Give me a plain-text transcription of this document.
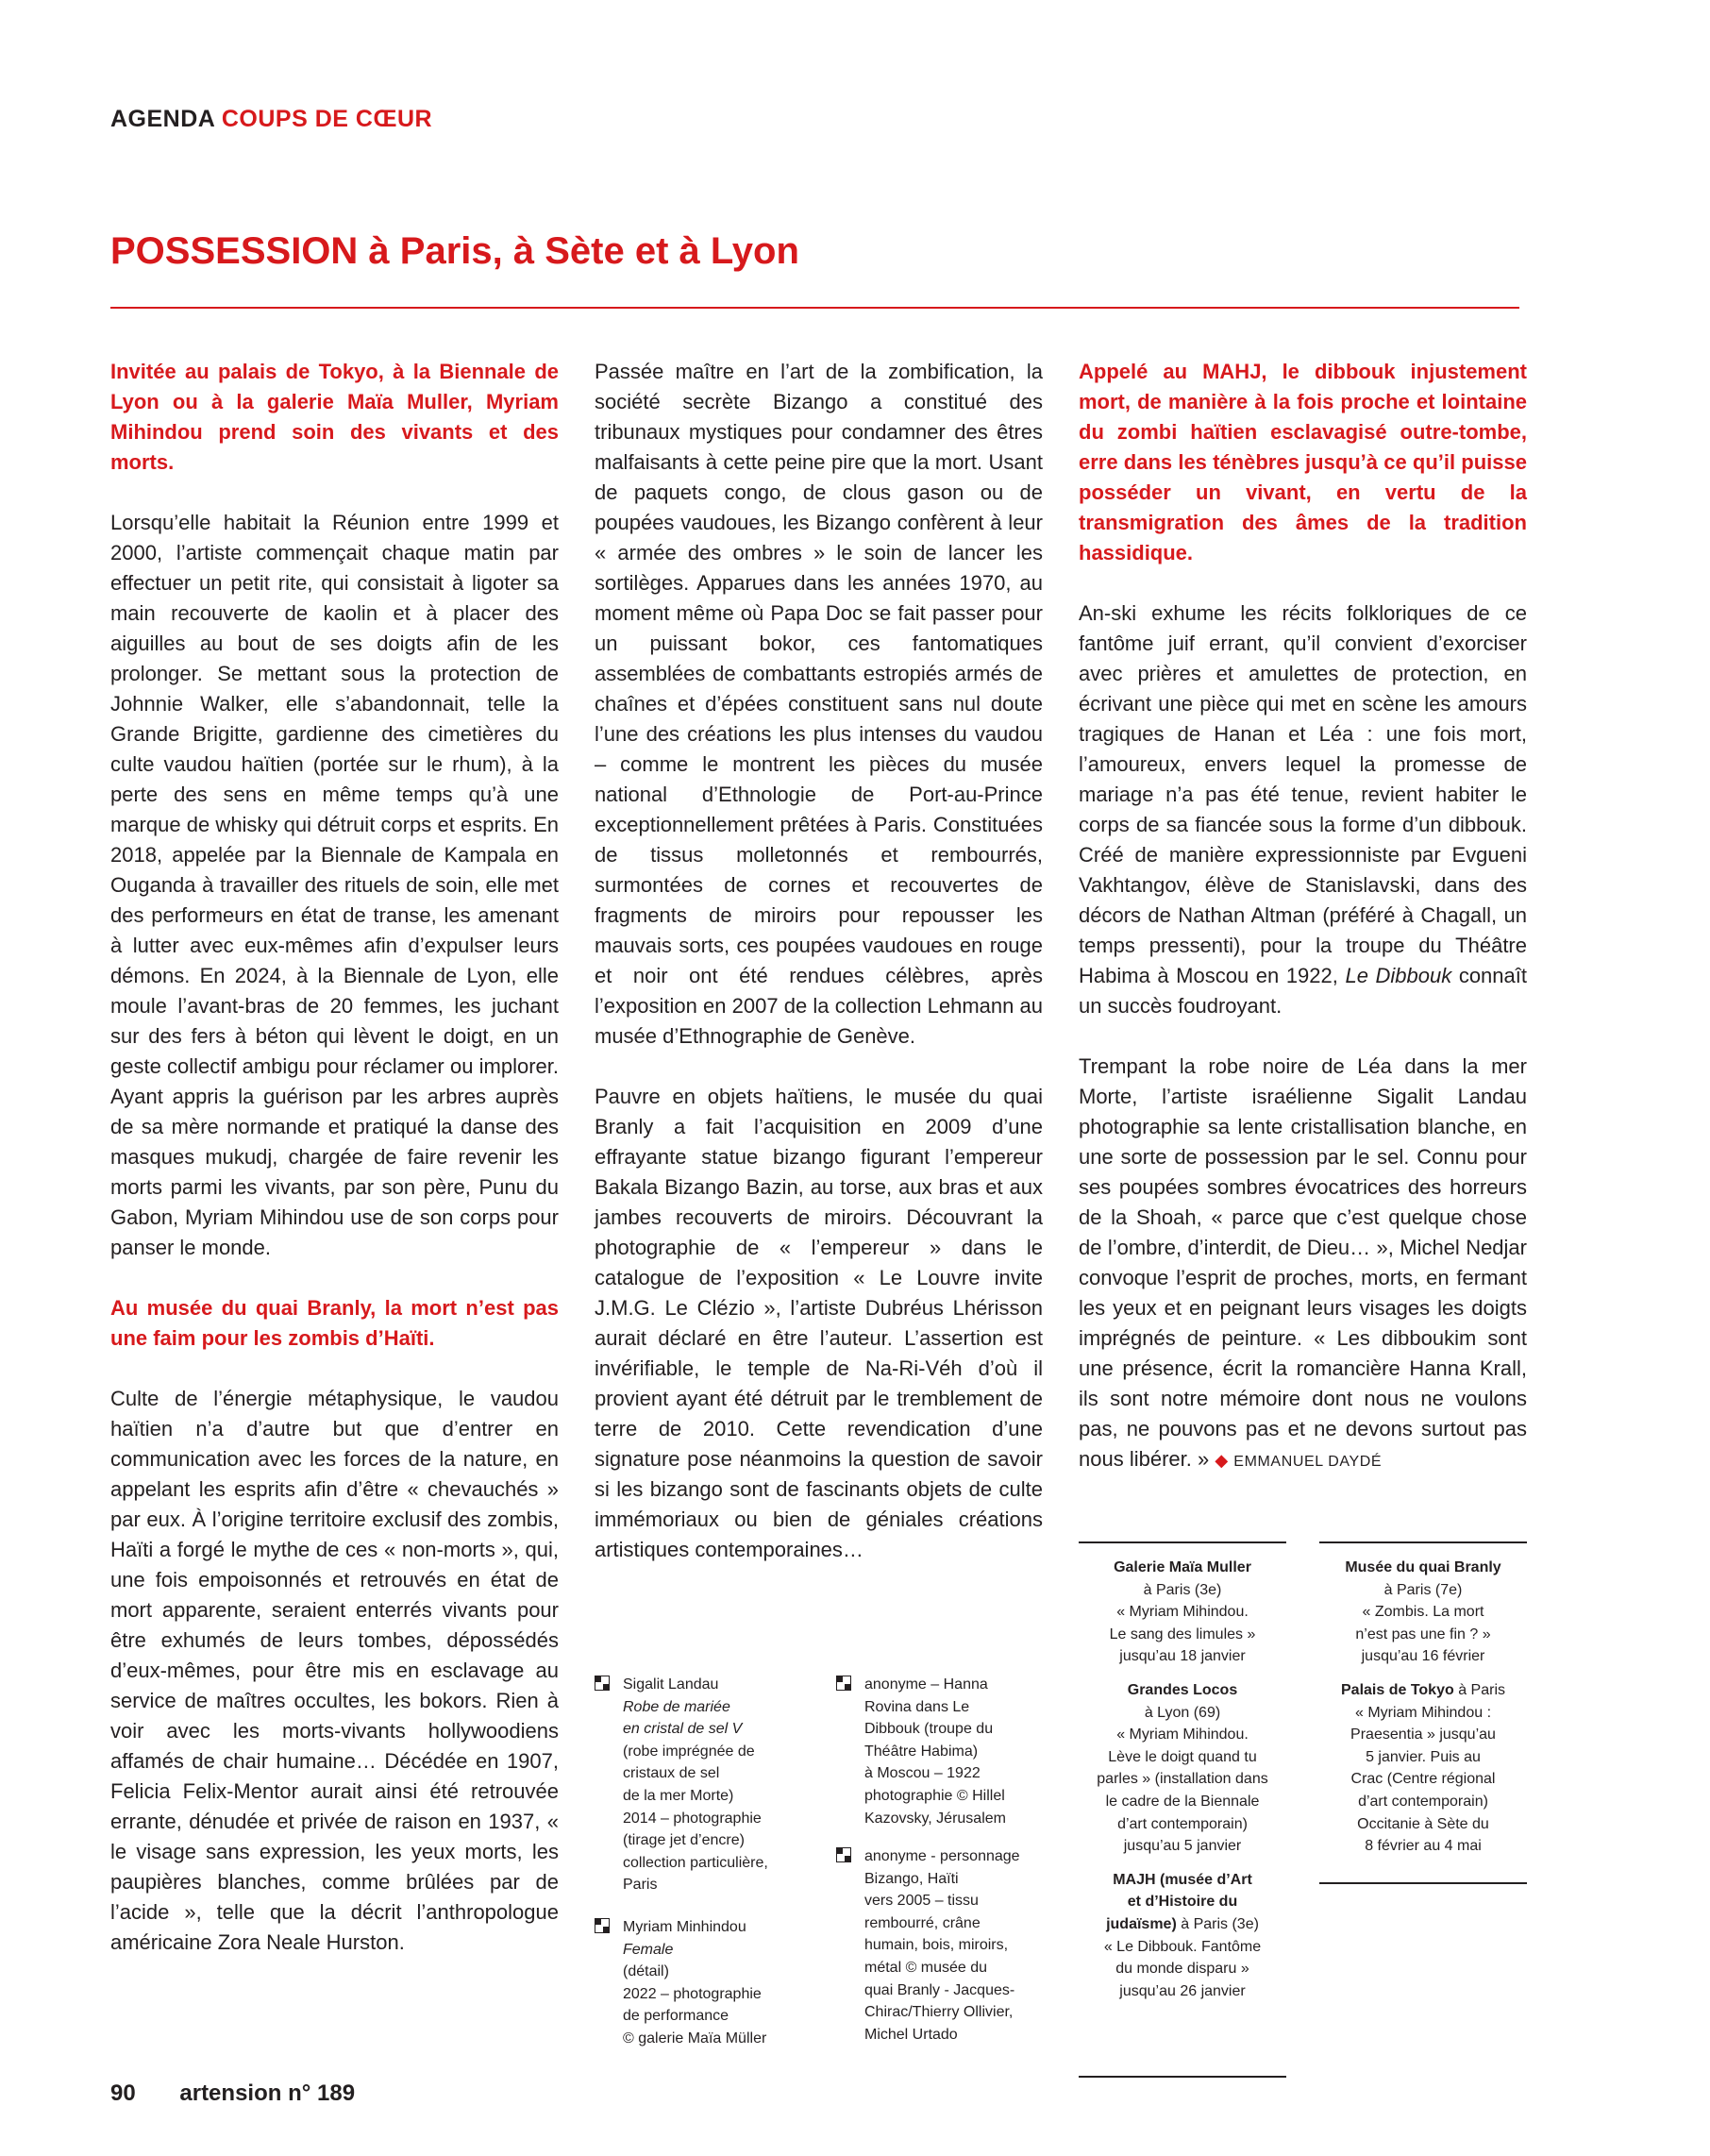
AGENDA COUPS DE CŒUR
POSSESSION à Paris, à Sète et à Lyon

Invitée au palais de Tokyo, à la Biennale de Lyon ou à la galerie Maïa Muller, Myriam Mihindou prend soin des vivants et des morts.

Lorsqu’elle habitait la Réunion entre 1999 et 2000, l’artiste commençait chaque matin par effectuer un petit rite, qui consistait à ligoter sa main recouverte de kaolin et à placer des aiguilles au bout de ses doigts afin de les prolonger. Se mettant sous la protection de Johnnie Walker, elle s’abandonnait, telle la Grande Brigitte, gardienne des cimetières du culte vaudou haïtien (portée sur le rhum), à la perte des sens en même temps qu’à une marque de whisky qui détruit corps et esprits. En 2018, appelée par la Biennale de Kampala en Ouganda à travailler des rituels de soin, elle met des performeurs en état de transe, les amenant à lutter avec eux-mêmes afin d’expulser leurs démons. En 2024, à la Biennale de Lyon, elle moule l’avant-bras de 20 femmes, les juchant sur des fers à béton qui lèvent le doigt, en un geste collectif ambigu pour réclamer ou implorer. Ayant appris la guérison par les arbres auprès de sa mère normande et pratiqué la danse des masques mukudj, chargée de faire revenir les morts parmi les vivants, par son père, Punu du Gabon, Myriam Mihindou use de son corps pour panser le monde.

Au musée du quai Branly, la mort n’est pas une faim pour les zombis d’Haïti.

Culte de l’énergie métaphysique, le vaudou haïtien n’a d’autre but que d’entrer en communication avec les forces de la nature, en appelant les esprits afin d’être « chevauchés » par eux. À l’origine territoire exclusif des zombis, Haïti a forgé le mythe de ces « non-morts », qui, une fois empoisonnés et retrouvés en état de mort apparente, seraient enterrés vivants pour être exhumés de leurs tombes, dépossédés d’eux-mêmes, pour être mis en esclavage au service de maîtres occultes, les bokors. Rien à voir avec les morts-vivants hollywoodiens affamés de chair humaine… Décédée en 1907, Felicia Felix-Mentor aurait ainsi été retrouvée errante, dénudée et privée de raison en 1937, « le visage sans expression, les yeux morts, les paupières blanches, comme brûlées par de l’acide », telle que la décrit l’anthropologue américaine Zora Neale Hurston.

Passée maître en l’art de la zombification, la société secrète Bizango a constitué des tribunaux mystiques pour condamner des êtres malfaisants à cette peine pire que la mort. Usant de paquets congo, de clous gason ou de poupées vaudoues, les Bizango confèrent à leur « armée des ombres » le soin de lancer les sortilèges. Apparues dans les années 1970, au moment même où Papa Doc se fait passer pour un puissant bokor, ces fantomatiques assemblées de combattants estropiés armés de chaînes et d’épées constituent sans nul doute l’une des créations les plus intenses du vaudou – comme le montrent les pièces du musée national d’Ethnologie de Port-au-Prince exceptionnellement prêtées à Paris. Constituées de tissus molletonnés et rembourrés, surmontées de cornes et recouvertes de fragments de miroirs pour repousser les mauvais sorts, ces poupées vaudoues en rouge et noir ont été rendues célèbres, après l’exposition en 2007 de la collection Lehmann au musée d’Ethnographie de Genève.

Pauvre en objets haïtiens, le musée du quai Branly a fait l’acquisition en 2009 d’une effrayante statue bizango figurant l’empereur Bakala Bizango Bazin, au torse, aux bras et aux jambes recouverts de miroirs. Découvrant la photographie de « l’empereur » dans le catalogue de l’exposition « Le Louvre invite J.M.G. Le Clézio », l’artiste Dubréus Lhérisson aurait déclaré en être l’auteur. L’assertion est invérifiable, le temple de Na-Ri-Véh d’où il provient ayant été détruit par le tremblement de terre de 2010. Cette revendication d’une signature pose néanmoins la question de savoir si les bizango sont de fascinants objets de culte immémoriaux ou bien de géniales créations artistiques contemporaines…

Appelé au MAHJ, le dibbouk injustement mort, de manière à la fois proche et lointaine du zombi haïtien esclavagisé outre-tombe, erre dans les ténèbres jusqu’à ce qu’il puisse posséder un vivant, en vertu de la transmigration des âmes de la tradition hassidique.

An-ski exhume les récits folkloriques de ce fantôme juif errant, qu’il convient d’exorciser avec prières et amulettes de protection, en écrivant une pièce qui met en scène les amours tragiques de Hanan et Léa : une fois mort, l’amoureux, envers lequel la promesse de mariage n’a pas été tenue, revient habiter le corps de sa fiancée sous la forme d’un dibbouk. Créé de manière expressionniste par Evgueni Vakhtangov, élève de Stanislavski, dans des décors de Nathan Altman (préféré à Chagall, un temps pressenti), pour la troupe du Théâtre Habima à Moscou en 1922, Le Dibbouk connaît un succès foudroyant.

Trempant la robe noire de Léa dans la mer Morte, l’artiste israélienne Sigalit Landau photographie sa lente cristallisation blanche, en une sorte de possession par le sel. Connu pour ses poupées sombres évocatrices des horreurs de la Shoah, « parce que c’est quelque chose de l’ombre, d’interdit, de Dieu… », Michel Nedjar convoque l’esprit de proches, morts, en fermant les yeux et en peignant leurs visages les doigts imprégnés de peinture. « Les dibboukim sont une présence, écrit la romancière Hanna Krall, ils sont notre mémoire dont nous ne voulons pas, ne pouvons pas et ne devons surtout pas nous libérer. » ◆ EMMANUEL DAYDÉ

Sigalit Landau
Robe de mariée
en cristal de sel V
(robe imprégnée de
cristaux de sel
de la mer Morte)
2014 – photographie
(tirage jet d’encre)
collection particulière,
Paris
Myriam Minhindou
Female
(détail)
2022 – photographie
de performance
© galerie Maïa Müller
anonyme – Hanna
Rovina dans Le
Dibbouk (troupe du
Théâtre Habima)
à Moscou – 1922
photographie © Hillel
Kazovsky, Jérusalem
anonyme - personnage
Bizango, Haïti
vers 2005 – tissu
rembourré, crâne
humain, bois, miroirs,
métal © musée du
quai Branly - Jacques-
Chirac/Thierry Ollivier,
Michel Urtado
Galerie Maïa Muller
à Paris (3e)
« Myriam Mihindou.
Le sang des limules »
jusqu’au 18 janvier
Grandes Locos
à Lyon (69)
« Myriam Mihindou.
Lève le doigt quand tu
parles » (installation dans
le cadre de la Biennale
d’art contemporain)
jusqu’au 5 janvier
MAJH (musée d’Art
et d’Histoire du
judaïsme) à Paris (3e)
« Le Dibbouk. Fantôme
du monde disparu »
jusqu’au 26 janvier
Musée du quai Branly
à Paris (7e)
« Zombis. La mort
n’est pas une fin ? »
jusqu’au 16 février
Palais de Tokyo à Paris
« Myriam Mihindou :
Praesentia » jusqu’au
5 janvier. Puis au
Crac (Centre régional
d’art contemporain)
Occitanie à Sète du
8 février au 4 mai
90 artension n° 189
